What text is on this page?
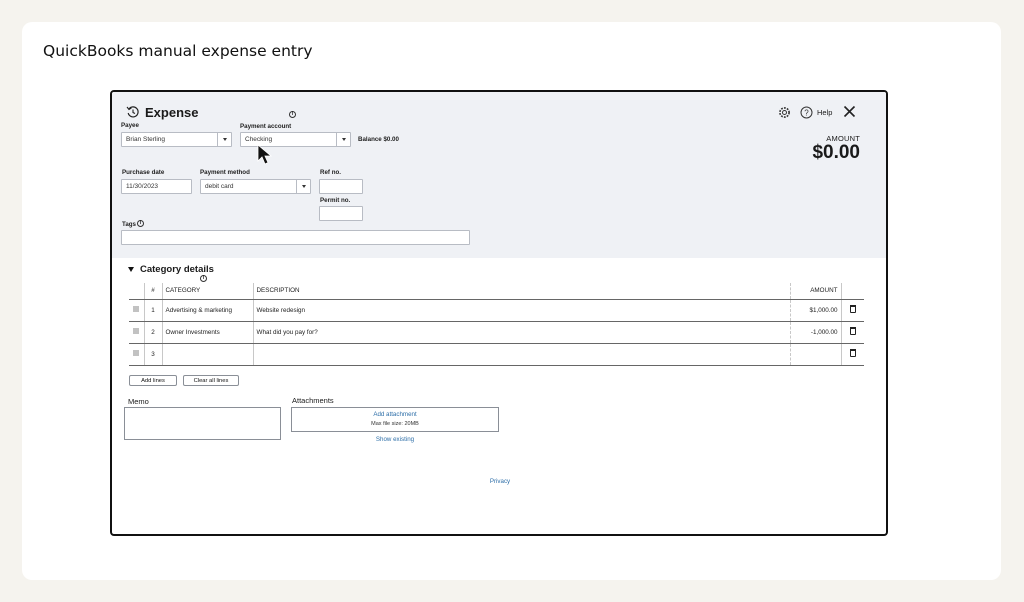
QuickBooks manual expense entry
Expense	i	? Help
AMOUNT
$0.00
Payee
Brian Sterling
Payment account
Checking	Balance $0.00
Purchase date
11/30/2023
Payment method
debit card
Ref no.
Permit no.
Tags i
Category details
i
	#	CATEGORY	DESCRIPTION	AMOUNT	
	1	Advertising & marketing	Website redesign	$1,000.00	
	2	Owner Investments	What did you pay for?	-1,000.00	
	3				
Add lines	Clear all lines
Memo	Attachments
Add attachment
Max file size: 20MB
Show existing
Privacy
